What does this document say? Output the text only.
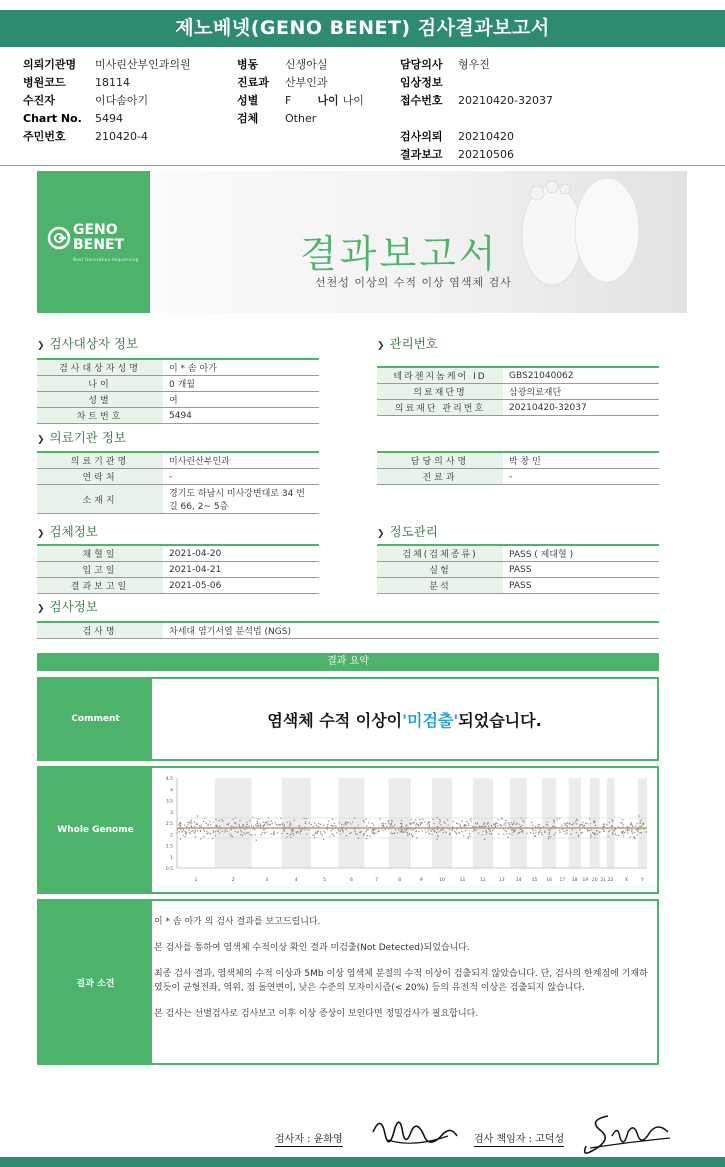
제노베넷(GENO BENET) 검사결과보고서
의뢰기관명 미사린산부인과의원
병원코드	18114
수진자	이다솜아기
Chart No. 5494
주민번호	210420-4
병동 신생아실
진료과 산부인과
성별 F 나이 나이
검체 Other
담당의사 형우진
임상정보
접수번호 20210420-32037
검사의뢰 20210420
결과보고 20210506
GENO
BENET
Next Generation Sequencing	결과보고서
선천성 이상의 수적 이상 염색체 검사
❯ 검사대상자 정보
검사대상자성명	이 * 솜 아가
나이	0 개월
성별	여
차트번호	5494
❯ 관리번호
테라젠지놈케어 ID	GBS21040062
의료재단명	삼광의료재단
의료재단 관리번호	20210420-32037
❯ 의료기관 정보
의료기관명	미사린산부인과
연락처	-
소재지	경기도 하남시 미사강변대로 34 번길 66, 2~ 5층
담당의사명	박 창 민
진료과	-
❯ 검체정보
채혈일	2021-04-20
입고일	2021-04-21
결과보고일	2021-05-06
❯ 정도관리
검체(검체종류)	PASS ( 제대혈 )
실험	PASS
분석	PASS
❯ 검사정보
검사명	차세대 염기서열 분석법 (NGS)
결과 요약
Comment	염색체 수적 이상이 '미검출' 되었습니다.
Whole Genome
4.5
4
3.5
3
2.5
2
1.5
1
0.5
1	2	3	4	5	6	7	8	9	10	11	12	13 14 15 16 17 18 19 20 21 22	X	Y
결과 소견

이 * 솜 아가 의 검사 결과를 보고드립니다.

본 검사를 통하여 염색체 수적이상 확인 결과 미검출(Not Detected)되었습니다.

최종 검사 결과, 염색체의 수적 이상과 5Mb 이상 염색체 분절의 수적 이상이 검출되지 않았습니다. 단, 검사의 한계점에 기재하였듯이 균형전좌, 역위, 점 돌연변이, 낮은 수준의 모자이시즘(< 20%) 등의 유전적 이상은 검출되지 않습니다.

본 검사는 선별검사로 검사보고 이후 이상 증상이 보인다면 정밀검사가 필요합니다.

검사자 : 윤화영	검사 책임자 : 고덕성
